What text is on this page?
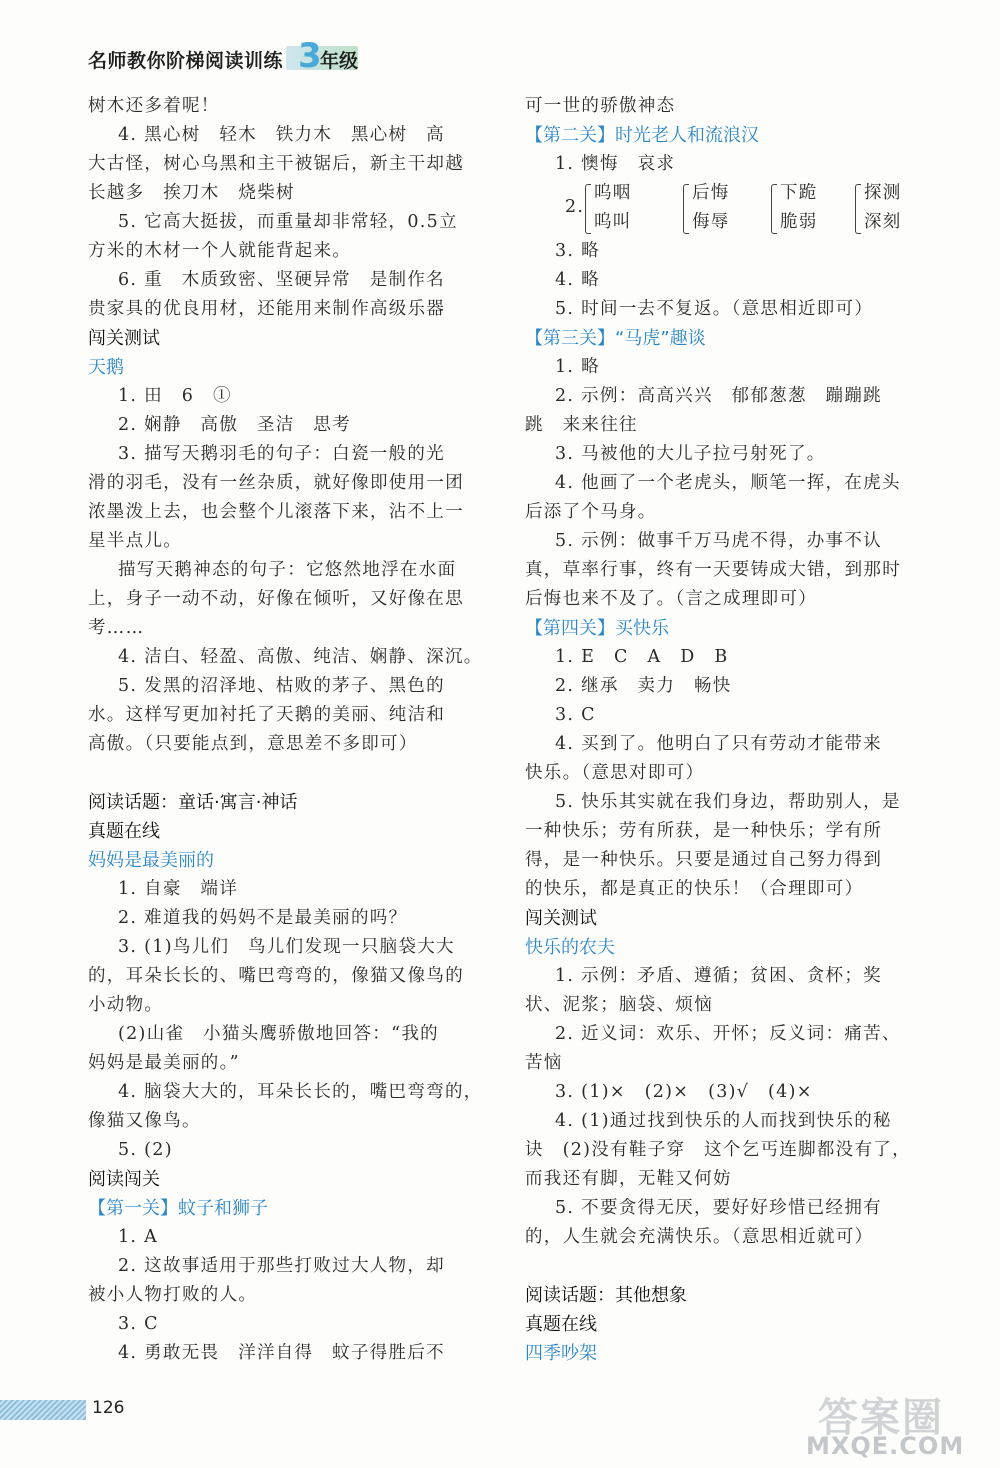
名师教你阶梯阅读训练 3
年级
树木还多着呢！
4. 黑心树　轻木　铁力木　黑心树　高
大古怪，树心乌黑和主干被锯后，新主干却越
长越多　挨刀木　烧柴树
5. 它高大挺拔，而重量却非常轻，0.5立
方米的木材一个人就能背起来。
6. 重　木质致密、坚硬异常　是制作名
贵家具的优良用材，还能用来制作高级乐器
闯关测试
天鹅
1. 田　6　①
2. 娴静　高傲　圣洁　思考
3. 描写天鹅羽毛的句子：白瓷一般的光
滑的羽毛，没有一丝杂质，就好像即使用一团
浓墨泼上去，也会整个儿滚落下来，沾不上一
星半点儿。
描写天鹅神态的句子：它悠然地浮在水面
上，身子一动不动，好像在倾听，又好像在思
考……
4. 洁白、轻盈、高傲、纯洁、娴静、深沉。
5. 发黑的沼泽地、枯败的茅子、黑色的
水。这样写更加衬托了天鹅的美丽、纯洁和
高傲。（只要能点到，意思差不多即可）
阅读话题：童话·寓言·神话
真题在线
妈妈是最美丽的
1. 自豪　端详
2. 难道我的妈妈不是最美丽的吗？
3. (1)鸟儿们　鸟儿们发现一只脑袋大大
的，耳朵长长的、嘴巴弯弯的，像猫又像鸟的
小动物。
(2)山雀　小猫头鹰骄傲地回答：“我的
妈妈是最美丽的。”
4. 脑袋大大的，耳朵长长的，嘴巴弯弯的，
像猫又像鸟。
5. (2)
阅读闯关
【第一关】蚊子和狮子
1. A
2. 这故事适用于那些打败过大人物，却
被小人物打败的人。
3. C
4. 勇敢无畏　洋洋自得　蚊子得胜后不
可一世的骄傲神态
【第二关】时光老人和流浪汉
1. 懊悔　哀求
2.
呜咽
呜叫
后悔
侮辱
下跪
脆弱
探测
深刻
3. 略
4. 略
5. 时间一去不复返。（意思相近即可）
【第三关】“马虎”趣谈
1. 略
2. 示例：高高兴兴　郁郁葱葱　蹦蹦跳
跳　来来往往
3. 马被他的大儿子拉弓射死了。
4. 他画了一个老虎头，顺笔一挥，在虎头
后添了个马身。
5. 示例：做事千万马虎不得，办事不认
真，草率行事，终有一天要铸成大错，到那时
后悔也来不及了。（言之成理即可）
【第四关】买快乐
1. E　C　A　D　B
2. 继承　卖力　畅快
3. C
4. 买到了。他明白了只有劳动才能带来
快乐。（意思对即可）
5. 快乐其实就在我们身边，帮助别人，是
一种快乐；劳有所获，是一种快乐；学有所
得，是一种快乐。只要是通过自己努力得到
的快乐，都是真正的快乐！（合理即可）
闯关测试
快乐的农夫
1. 示例：矛盾、遵循；贫困、贪杯；奖
状、泥浆；脑袋、烦恼
2. 近义词：欢乐、开怀；反义词：痛苦、
苦恼
3. (1)×　(2)×　(3)√　(4)×
4. (1)通过找到快乐的人而找到快乐的秘
诀　(2)没有鞋子穿　这个乞丐连脚都没有了，
而我还有脚，无鞋又何妨
5. 不要贪得无厌，要好好珍惜已经拥有
的，人生就会充满快乐。（意思相近就可）
阅读话题：其他想象
真题在线
四季吵架
126	答案圈
MXQE.COM
